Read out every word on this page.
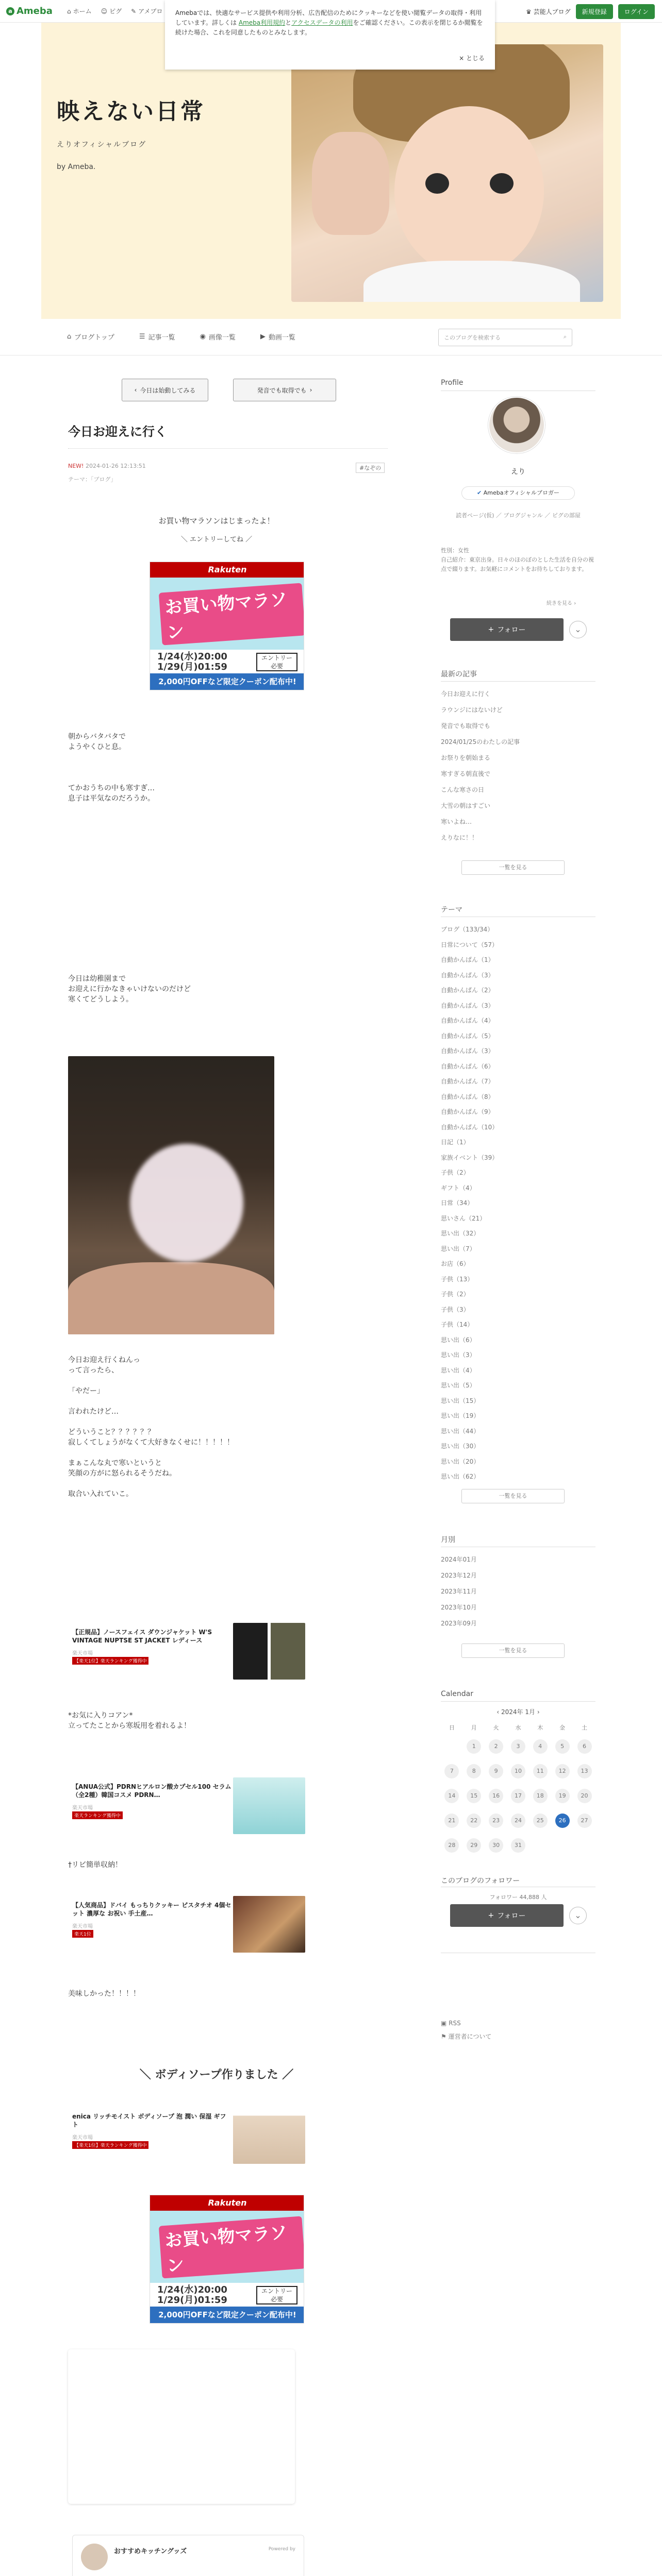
a Ameba ⌂ ホーム ☺ ピグ ✎ アメブロ	♛ 芸能人ブログ	新規登録	ログイン
映えない日常
えりオフィシャルブログ
by Ameba.
Amebaでは、快適なサービス提供や利用分析、広告配信のためにクッキーなどを使い閲覧データの取得・利用しています。詳しくは Ameba利用規約とアクセスデータの利用をご確認ください。この表示を閉じるか閲覧を続けた場合、これを同意したものとみなします。
× とじる
⌂ ブログトップ	☰ 記事一覧	◉ 画像一覧	▶ 動画一覧	このブログを検索する	⌕
‹ 今日は始動してみる	発音でも取得でも ›
今日お迎えに行く
NEW! 2024-01-26 12:13:51
テーマ：「ブログ」
#なぞの
お買い物マラソンはじまったよ！
＼ エントリーしてね ／
Rakuten
お買い物マラソン
1/24(水)20:00
1/29(月)01:59
エントリー
必要
2,000円OFFなど限定クーポン配布中!
朝からバタバタで
ようやくひと息。
てかおうちの中も寒すぎ…
息子は平気なのだろうか。
今日は幼稚園まで
お迎えに行かなきゃいけないのだけど
寒くてどうしよう。
今日お迎え行くねんっ
って言ったら、

「やだー」

言われたけど…

どういうこと？？？？？？
寂しくてしょうがなくて大好きなくせに！！！！！

まぁこんな丸で寒いというと
笑顔の方がに怒られるそうだね。

取合い入れていこ。
【正規品】ノースフェイス ダウンジャケット W'S VINTAGE NUPTSE ST JACKET レディース
楽天市場
【楽天1位】楽天ランキング獲得中
*お気に入りコアン*
立ってたことから寒坂用を着れるよ！
【ANUA公式】PDRNヒアルロン酸カプセル100 セラム（全2種）韓国コスメ PDRN…
楽天市場
楽天ランキング獲得中
†リビ簡単収納！
【人気商品】ドバイ もっちりクッキー ピスタチオ 4個セット 濃厚な お祝い 手土産…
楽天市場
楽天1位
美味しかった！！！！
＼ ボディソープ作りました ／
enica リッチモイスト ボディソープ 泡 潤い 保湿 ギフト
楽天市場
【楽天1位】楽天ランキング獲得中
Rakuten
お買い物マラソン
1/24(水)20:00
1/29(月)01:59
エントリー
必要
2,000円OFFなど限定クーポン配布中!
おすすめキッチングッズ	Powered by
Profile
えり
✔ Amebaオフィシャルブロガー
読者ページ(仮) ／ ブログジャンル ／ ピグの部屋
性別：女性
自己紹介：東京出身。日々のほのぼのとした生活を自分の視点で綴ります。お気軽にコメントをお待ちしております。
続きを見る ›
+ フォロー	⌄
最新の記事
今日お迎えに行く
ラウンジにはないけど
発音でも取得でも
2024/01/25のわたしの記事
お祭りを朝始まる
寒すぎる朝直後で
こんな寒さの日
大雪の朝はすごい
寒いよね…
えりなに！！
一覧を見る
テーマ
ブログ（133/34）
日常について（57）
自動かんぱん（1）
自動かんぱん（3）
自動かんぱん（2）
自動かんぱん（3）
自動かんぱん（4）
自動かんぱん（5）
自動かんぱん（3）
自動かんぱん（6）
自動かんぱん（7）
自動かんぱん（8）
自動かんぱん（9）
自動かんぱん（10）
日記（1）
家族イベント（39）
子供（2）
ギフト（4）
日常（34）
思いさん（21）
思い出（32）
思い出（7）
お店（6）
子供（13）
子供（2）
子供（3）
子供（14）
思い出（6）
思い出（3）
思い出（4）
思い出（5）
思い出（15）
思い出（19）
思い出（44）
思い出（30）
思い出（20）
思い出（62）
一覧を見る
月別
2024年01月
2023年12月
2023年11月
2023年10月
2023年09月
一覧を見る
Calendar
‹ 2024年 1月 ›
日	月	火	水	木	金	土
	1	2	3	4	5	6
7	8	9	10	11	12	13
14	15	16	17	18	19	20
21	22	23	24	25	26	27
28	29	30	31			
このブログのフォロワー
フォロワー 44,888 人
+ フォロー	⌄
▣ RSS
⚑ 運営者について
